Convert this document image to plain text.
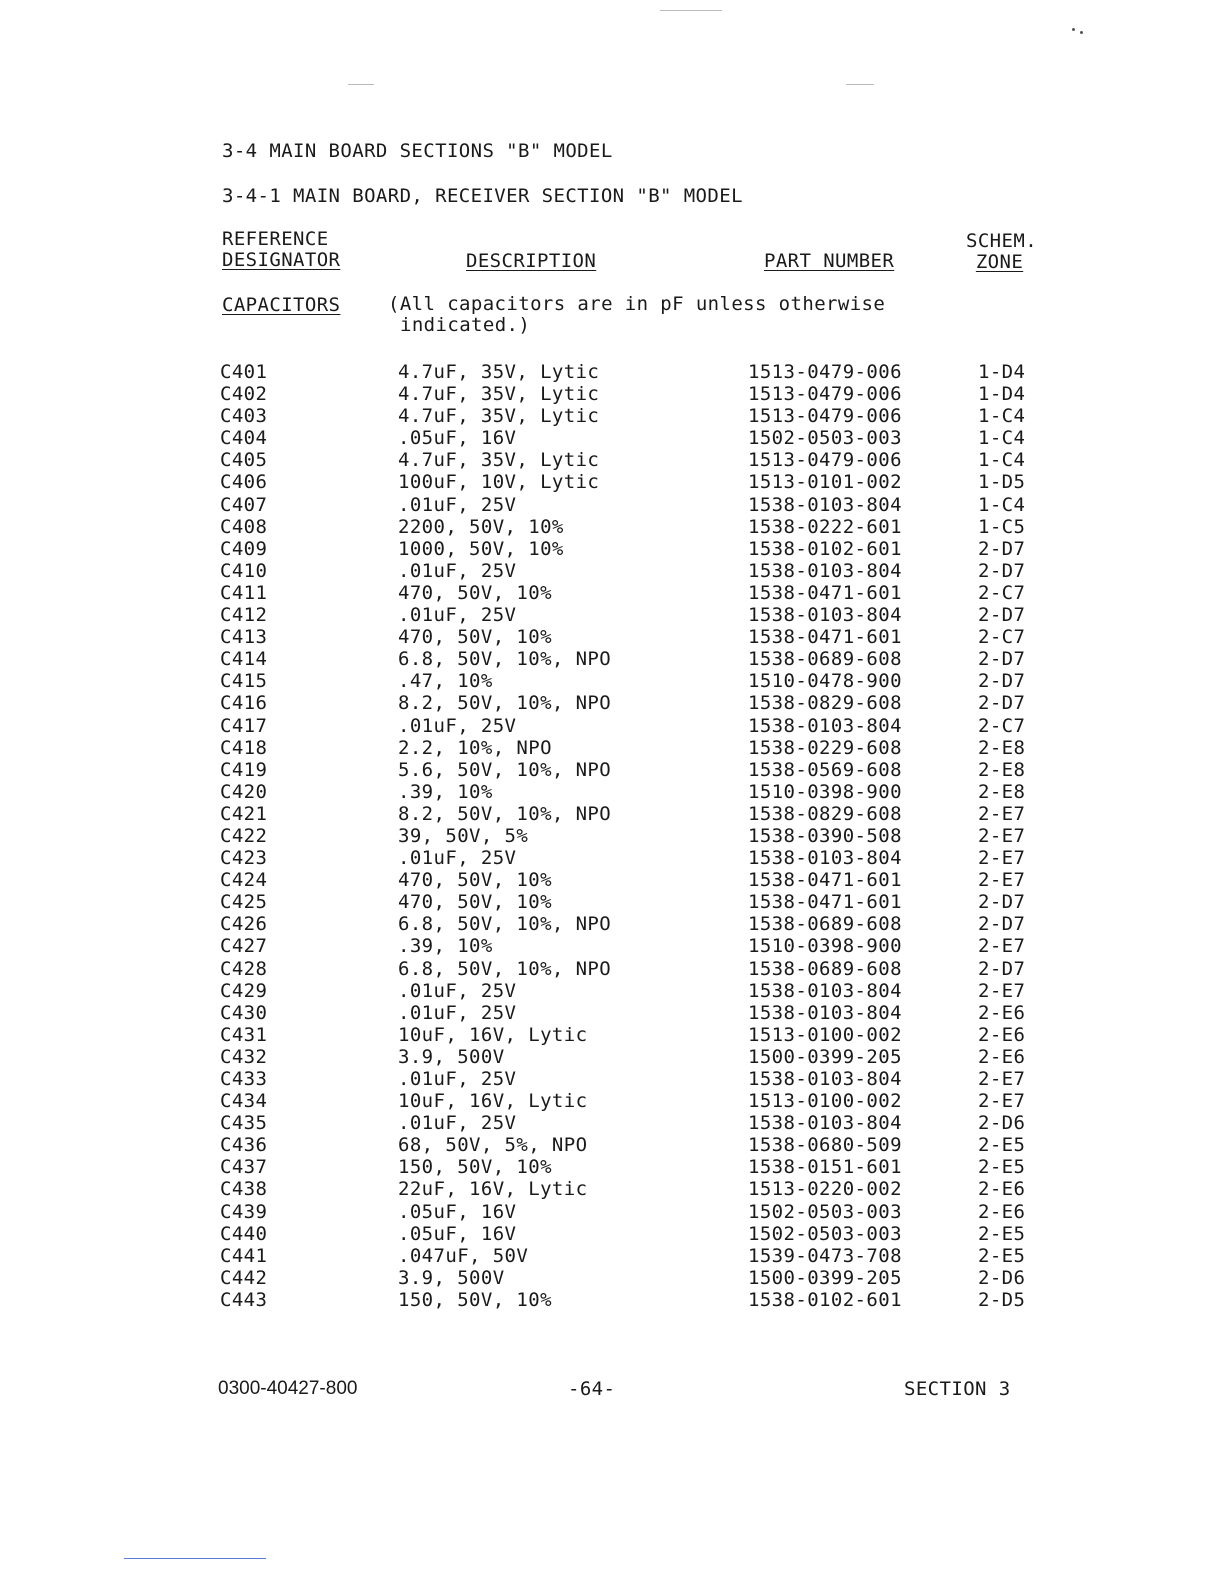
3-4 MAIN BOARD SECTIONS "B" MODEL
3-4-1 MAIN BOARD, RECEIVER SECTION "B" MODEL
REFERENCE
DESIGNATOR	DESCRIPTION	PART NUMBER
SCHEM.
ZONE
CAPACITORS	(All capacitors are in pF unless otherwise
indicated.)
C401	4.7uF, 35V, Lytic	1513-0479-006	1-D4
C402	4.7uF, 35V, Lytic	1513-0479-006	1-D4
C403	4.7uF, 35V, Lytic	1513-0479-006	1-C4
C404	.05uF, 16V	1502-0503-003	1-C4
C405	4.7uF, 35V, Lytic	1513-0479-006	1-C4
C406	100uF, 10V, Lytic	1513-0101-002	1-D5
C407	.01uF, 25V	1538-0103-804	1-C4
C408	2200, 50V, 10%	1538-0222-601	1-C5
C409	1000, 50V, 10%	1538-0102-601	2-D7
C410	.01uF, 25V	1538-0103-804	2-D7
C411	470, 50V, 10%	1538-0471-601	2-C7
C412	.01uF, 25V	1538-0103-804	2-D7
C413	470, 50V, 10%	1538-0471-601	2-C7
C414	6.8, 50V, 10%, NPO	1538-0689-608	2-D7
C415	.47, 10%	1510-0478-900	2-D7
C416	8.2, 50V, 10%, NPO	1538-0829-608	2-D7
C417	.01uF, 25V	1538-0103-804	2-C7
C418	2.2, 10%, NPO	1538-0229-608	2-E8
C419	5.6, 50V, 10%, NPO	1538-0569-608	2-E8
C420	.39, 10%	1510-0398-900	2-E8
C421	8.2, 50V, 10%, NPO	1538-0829-608	2-E7
C422	39, 50V, 5%	1538-0390-508	2-E7
C423	.01uF, 25V	1538-0103-804	2-E7
C424	470, 50V, 10%	1538-0471-601	2-E7
C425	470, 50V, 10%	1538-0471-601	2-D7
C426	6.8, 50V, 10%, NPO	1538-0689-608	2-D7
C427	.39, 10%	1510-0398-900	2-E7
C428	6.8, 50V, 10%, NPO	1538-0689-608	2-D7
C429	.01uF, 25V	1538-0103-804	2-E7
C430	.01uF, 25V	1538-0103-804	2-E6
C431	10uF, 16V, Lytic	1513-0100-002	2-E6
C432	3.9, 500V	1500-0399-205	2-E6
C433	.01uF, 25V	1538-0103-804	2-E7
C434	10uF, 16V, Lytic	1513-0100-002	2-E7
C435	.01uF, 25V	1538-0103-804	2-D6
C436	68, 50V, 5%, NPO	1538-0680-509	2-E5
C437	150, 50V, 10%	1538-0151-601	2-E5
C438	22uF, 16V, Lytic	1513-0220-002	2-E6
C439	.05uF, 16V	1502-0503-003	2-E6
C440	.05uF, 16V	1502-0503-003	2-E5
C441	.047uF, 50V	1539-0473-708	2-E5
C442	3.9, 500V	1500-0399-205	2-D6
C443	150, 50V, 10%	1538-0102-601	2-D5
0300-40427-800	-64-	SECTION 3
